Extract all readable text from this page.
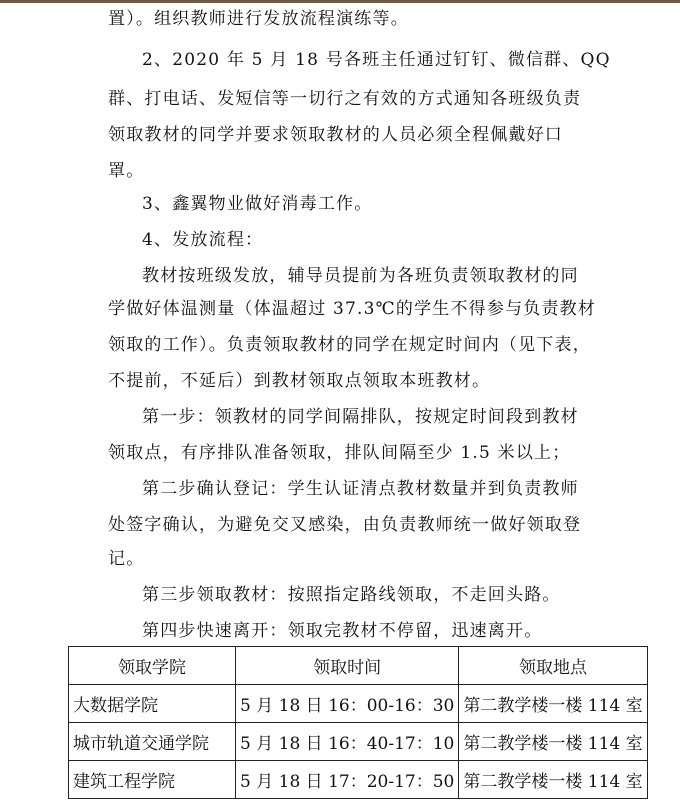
置）。组织教师进行发放流程演练等。
2、2020 年 5 月 18 号各班主任通过钉钉、微信群、QQ
群、打电话、发短信等一切行之有效的方式通知各班级负责
领取教材的同学并要求领取教材的人员必须全程佩戴好口
罩。
3、鑫翼物业做好消毒工作。
4、发放流程：
教材按班级发放，辅导员提前为各班负责领取教材的同
学做好体温测量（体温超过 37.3℃的学生不得参与负责教材
领取的工作）。负责领取教材的同学在规定时间内（见下表，
不提前，不延后）到教材领取点领取本班教材。
第一步：领教材的同学间隔排队，按规定时间段到教材
领取点，有序排队准备领取，排队间隔至少 1.5 米以上；
第二步确认登记：学生认证清点教材数量并到负责教师
处签字确认，为避免交叉感染，由负责教师统一做好领取登
记。
第三步领取教材：按照指定路线领取，不走回头路。
第四步快速离开：领取完教材不停留，迅速离开。
领取学院	领取时间	领取地点
大数据学院	5 月 18 日 16：00-16：30	第二教学楼一楼 114 室
城市轨道交通学院	5 月 18 日 16：40-17：10	第二教学楼一楼 114 室
建筑工程学院	5 月 18 日 17：20-17：50	第二教学楼一楼 114 室
